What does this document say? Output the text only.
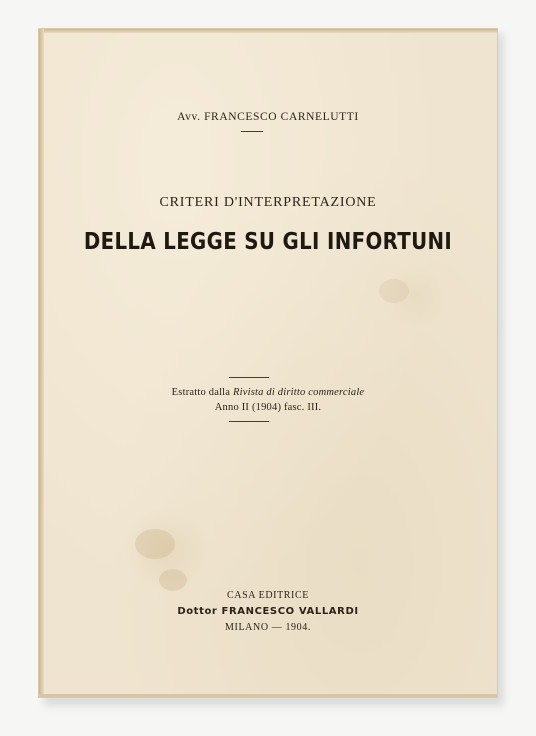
Avv. FRANCESCO CARNELUTTI
CRITERI D'INTERPRETAZIONE
DELLA LEGGE SU GLI INFORTUNI
Estratto dalla Rivista di diritto commerciale
Anno II (1904) fasc. III.
CASA EDITRICE
Dottor FRANCESCO VALLARDI
MILANO — 1904.
